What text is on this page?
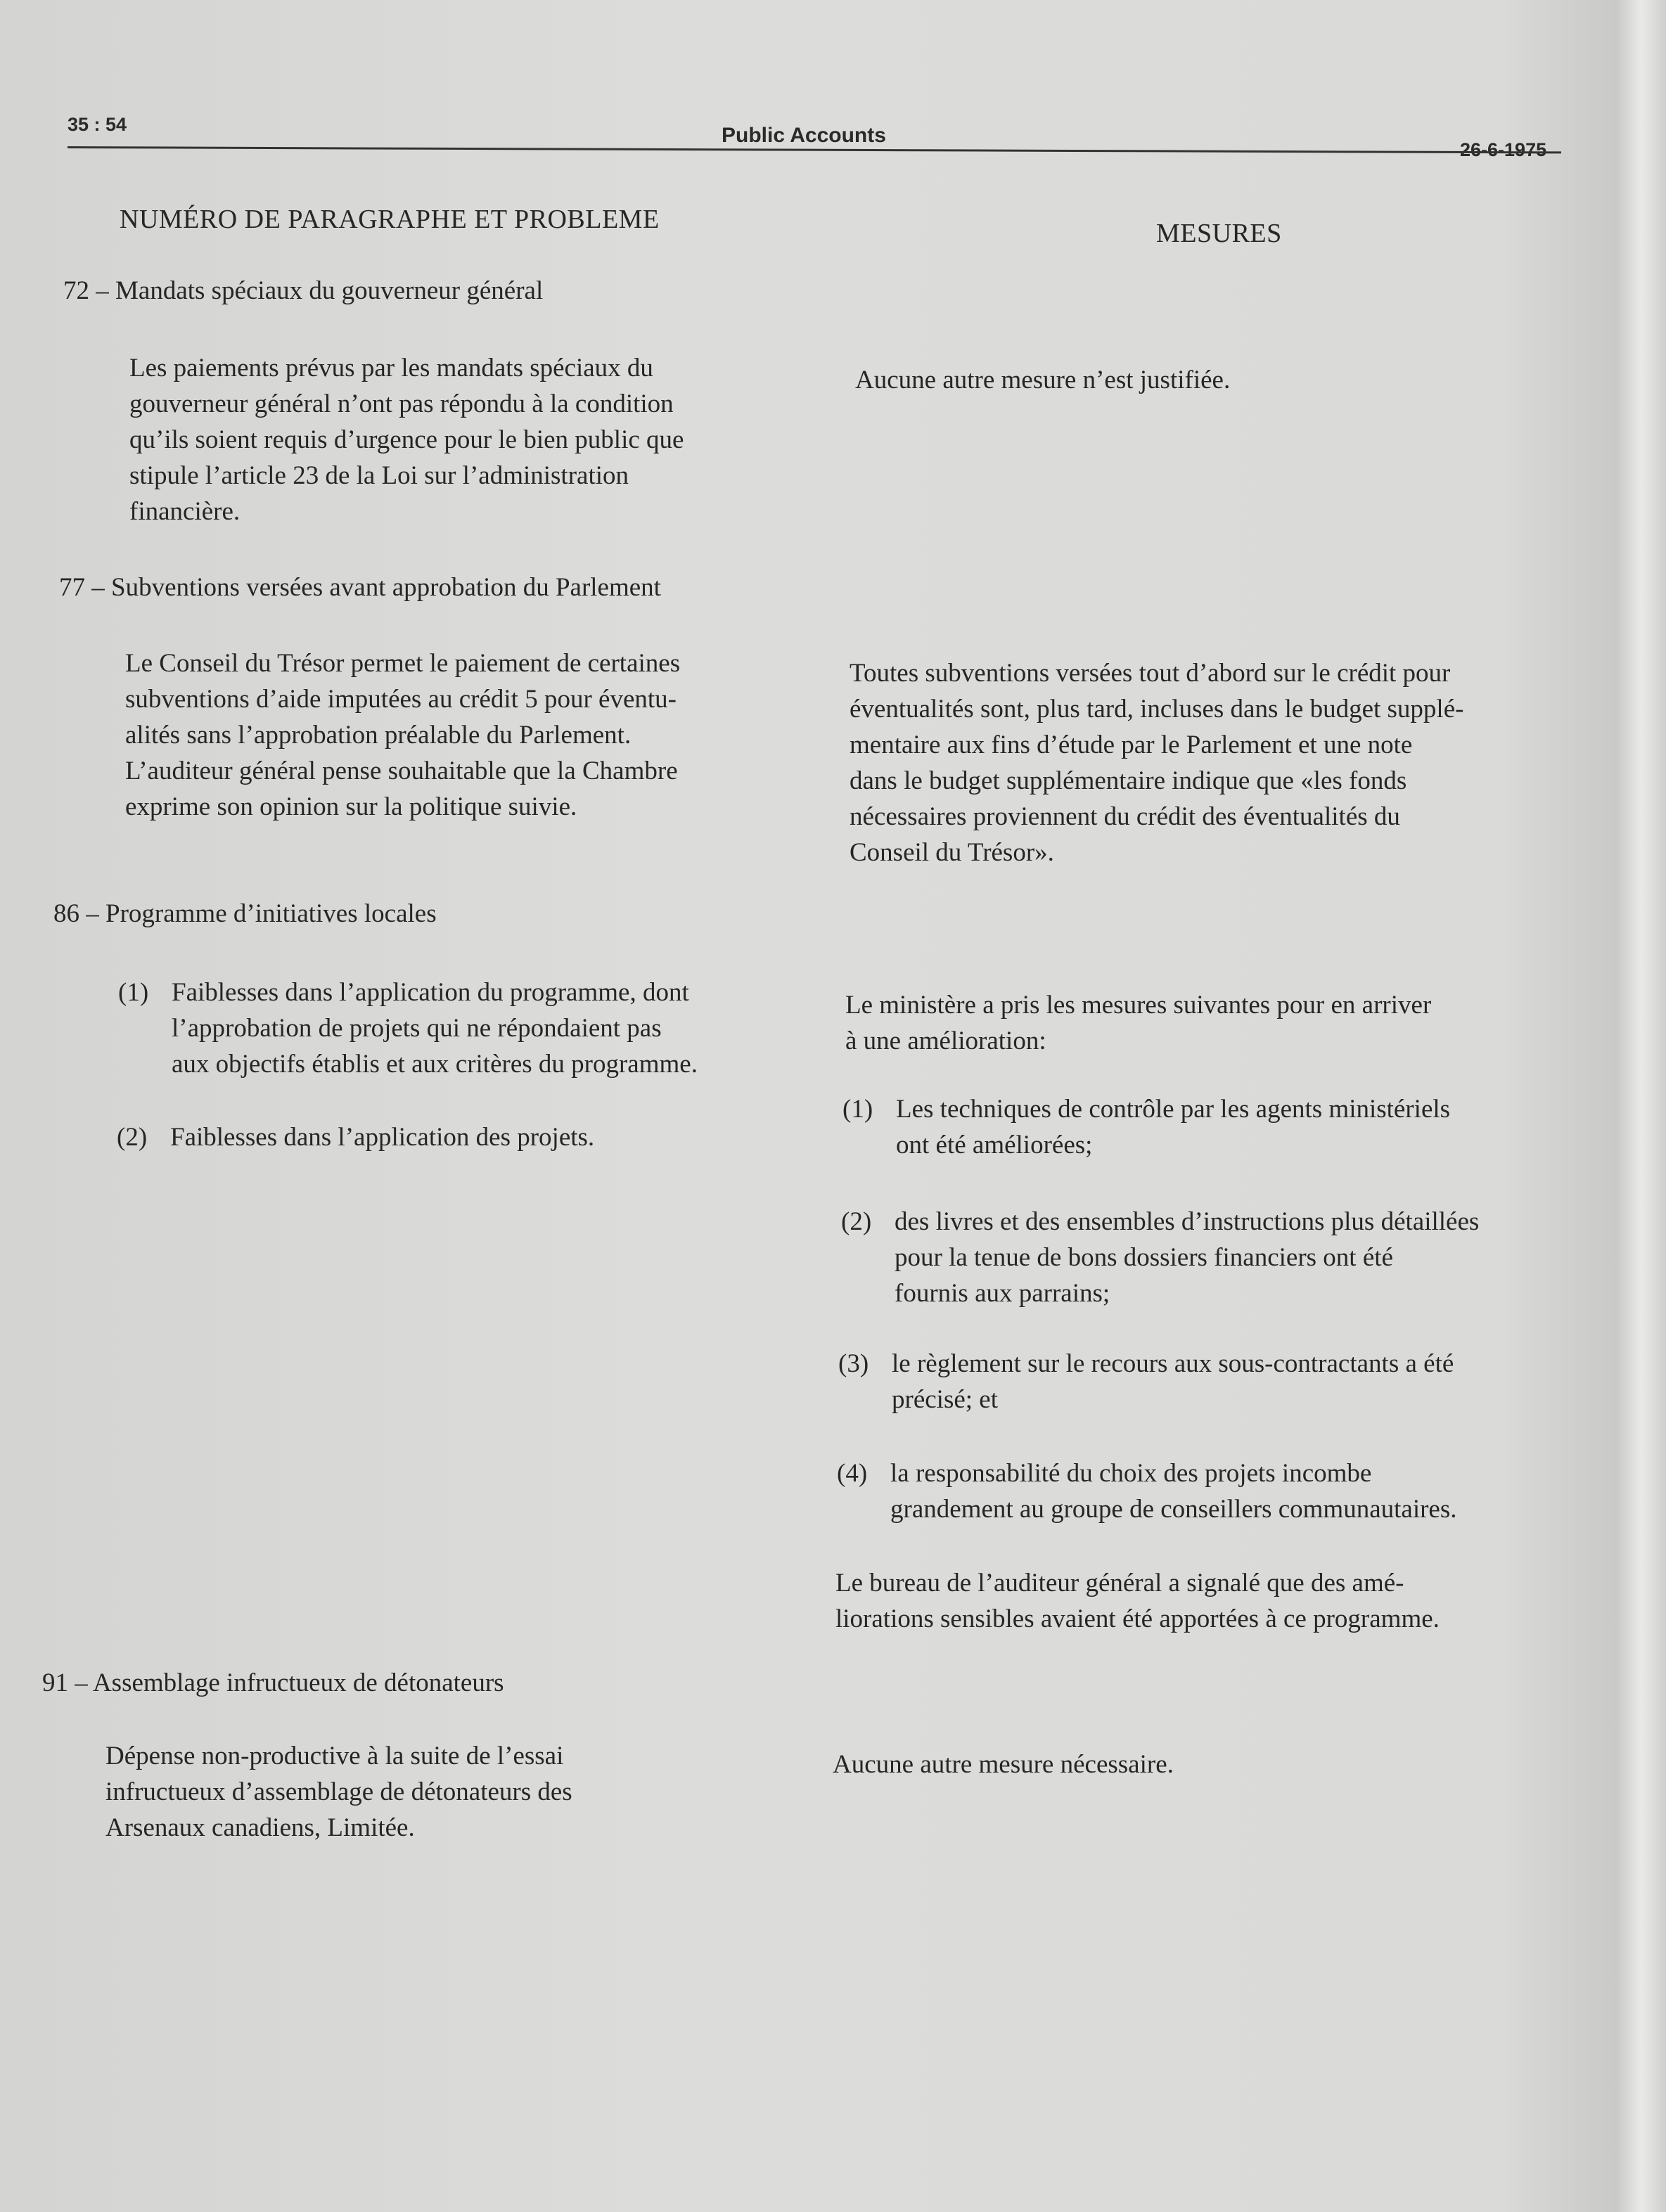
35 : 54	Public Accounts
26-6-1975
NUMÉRO DE PARAGRAPHE ET PROBLEME	MESURES
72 – Mandats spéciaux du gouverneur général
Les paiements prévus par les mandats spéciaux du
gouverneur général n’ont pas répondu à la condition
qu’ils soient requis d’urgence pour le bien public que
stipule l’article 23 de la Loi sur l’administration
financière.
Aucune autre mesure n’est justifiée.
77 – Subventions versées avant approbation du Parlement
Le Conseil du Trésor permet le paiement de certaines
subventions d’aide imputées au crédit 5 pour éventu-
alités sans l’approbation préalable du Parlement.
L’auditeur général pense souhaitable que la Chambre
exprime son opinion sur la politique suivie.
Toutes subventions versées tout d’abord sur le crédit pour
éventualités sont, plus tard, incluses dans le budget supplé-
mentaire aux fins d’étude par le Parlement et une note
dans le budget supplémentaire indique que «les fonds
nécessaires proviennent du crédit des éventualités du
Conseil du Trésor».
86 – Programme d’initiatives locales
(1) Faiblesses dans l’application du programme, dont
l’approbation de projets qui ne répondaient pas
aux objectifs établis et aux critères du programme.
(2) Faiblesses dans l’application des projets.
Le ministère a pris les mesures suivantes pour en arriver
à une amélioration:
(1) Les techniques de contrôle par les agents ministériels
ont été améliorées;
(2) des livres et des ensembles d’instructions plus détaillées
pour la tenue de bons dossiers financiers ont été
fournis aux parrains;
(3) le règlement sur le recours aux sous-contractants a été
précisé; et
(4) la responsabilité du choix des projets incombe
grandement au groupe de conseillers communautaires.
Le bureau de l’auditeur général a signalé que des amé-
liorations sensibles avaient été apportées à ce programme.
91 – Assemblage infructueux de détonateurs
Dépense non-productive à la suite de l’essai
infructueux d’assemblage de détonateurs des
Arsenaux canadiens, Limitée.
Aucune autre mesure nécessaire.
